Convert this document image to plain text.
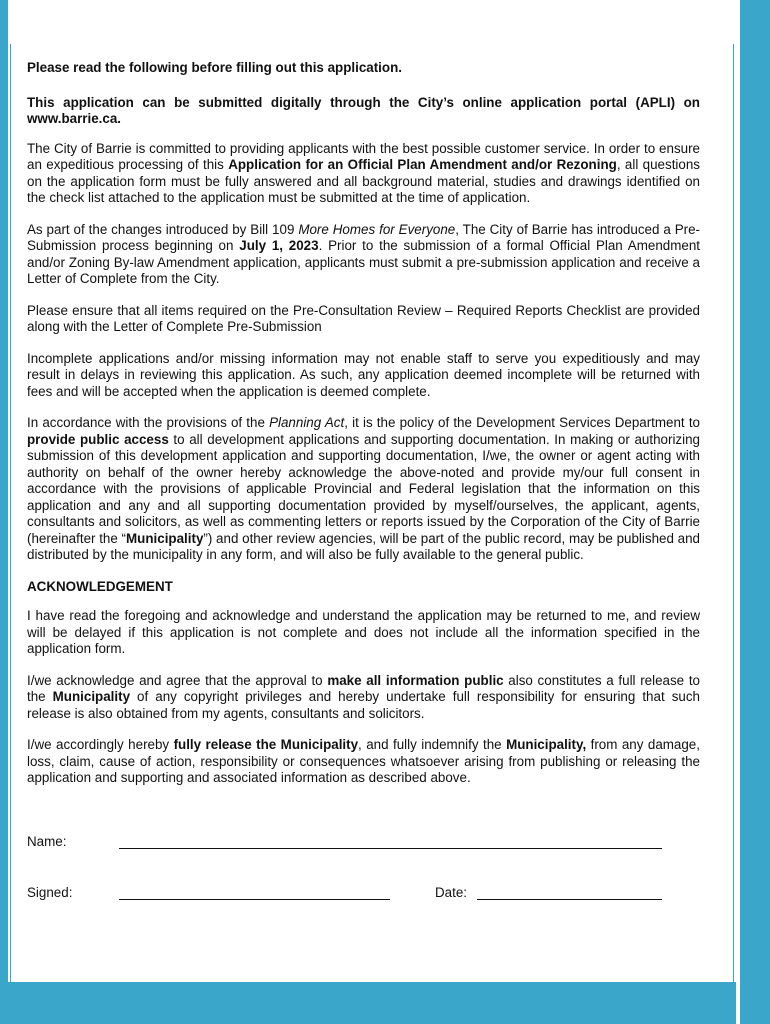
Please read the following before filling out this application.

This application can be submitted digitally through the City’s online application portal (APLI) on www.barrie.ca.

The City of Barrie is committed to providing applicants with the best possible customer service. In order to ensure an expeditious processing of this Application for an Official Plan Amendment and/or Rezoning, all questions on the application form must be fully answered and all background material, studies and drawings identified on the check list attached to the application must be submitted at the time of application.

As part of the changes introduced by Bill 109 More Homes for Everyone, The City of Barrie has introduced a Pre-Submission process beginning on July 1, 2023. Prior to the submission of a formal Official Plan Amendment and/or Zoning By-law Amendment application, applicants must submit a pre-submission application and receive a Letter of Complete from the City.

Please ensure that all items required on the Pre-Consultation Review – Required Reports Checklist are provided along with the Letter of Complete Pre-Submission

Incomplete applications and/or missing information may not enable staff to serve you expeditiously and may result in delays in reviewing this application. As such, any application deemed incomplete will be returned with fees and will be accepted when the application is deemed complete.

In accordance with the provisions of the Planning Act, it is the policy of the Development Services Department to provide public access to all development applications and supporting documentation. In making or authorizing submission of this development application and supporting documentation, I/we, the owner or agent acting with authority on behalf of the owner hereby acknowledge the above-noted and provide my/our full consent in accordance with the provisions of applicable Provincial and Federal legislation that the information on this application and any and all supporting documentation provided by myself/ourselves, the applicant, agents, consultants and solicitors, as well as commenting letters or reports issued by the Corporation of the City of Barrie (hereinafter the “Municipality”) and other review agencies, will be part of the public record, may be published and distributed by the municipality in any form, and will also be fully available to the general public.

ACKNOWLEDGEMENT

I have read the foregoing and acknowledge and understand the application may be returned to me, and review will be delayed if this application is not complete and does not include all the information specified in the application form.

I/we acknowledge and agree that the approval to make all information public also constitutes a full release to the Municipality of any copyright privileges and hereby undertake full responsibility for ensuring that such release is also obtained from my agents, consultants and solicitors.

I/we accordingly hereby fully release the Municipality, and fully indemnify the Municipality, from any damage, loss, claim, cause of action, responsibility or consequences whatsoever arising from publishing or releasing the application and supporting and associated information as described above.

Name:
Signed:	Date:
